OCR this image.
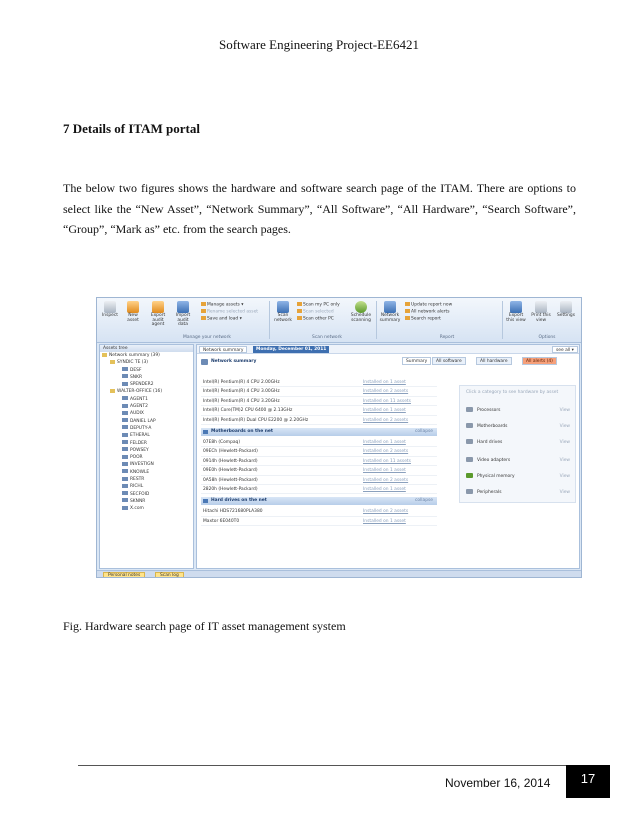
Software Engineering Project-EE6421
7 Details of ITAM portal

The below two figures shows the hardware and software search page of the ITAM. There are options to select like the “New Asset”, “Network Summary”, “All Software”, “All Hardware”, “Search Software”, “Group”, “Mark as” etc. from the search pages.

Inspect	New asset
Export audit agent
Import audit data
Manage assets ▾
Rename selected asset
Save and load ▾
Scan network
Scan my PC only
Scan selected
Scan other PC
Schedule scanning
Network summary
Update report now
All network alerts
Search report
Export this view
Print this view
Settings
Manage your network	Scan network	Report	Options
Assets tree
Network summary (39)
SYNDIC TE (3)
DESF
SNKR
SPENDER2
WALTER-OFFICE (16)
AGENT1
AGENT2
AUDIX
DANIEL LAP
DEPUTY-A
ETHERAL
FELDER
POWSEY
POOR
INVESTIGN
KNOWLE
RESTR
RICHL
SECFOID
SKNNR
X.com
Personal notes	Scan log
Network summary	Monday, December 01, 2011	see all ▾
Network summary	Summary	All software	All hardware	All alerts (4)
Intel(R) Pentium(R) 4 CPU 2.00GHz	Installed on 1 asset
Intel(R) Pentium(R) 4 CPU 3.00GHz	Installed on 2 assets
Intel(R) Pentium(R) 4 CPU 3.20GHz	Installed on 11 assets
Intel(R) Core(TM)2 CPU 6400 @ 2.13GHz	Installed on 1 asset
Intel(R) Pentium(R) Dual CPU E2200 @ 2.20GHz	Installed on 2 assets
Motherboards on the net	collapse
07E8h (Compaq)	Installed on 1 asset
09ECh (Hewlett-Packard)	Installed on 2 assets
0914h (Hewlett-Packard)	Installed on 11 assets
09E0h (Hewlett-Packard)	Installed on 1 asset
0A58h (Hewlett-Packard)	Installed on 2 assets
2820h (Hewlett-Packard)	Installed on 1 asset
Hard drives on the net	collapse
Hitachi HDS721680PLA380	Installed on 2 assets
Maxtor 6E040T0	Installed on 1 asset
Click a category to see hardware by asset
Processors	View
Motherboards	View
Hard drives	View
Video adapters	View
Physical memory	View
Peripherals	View
Fig. Hardware search page of IT asset management system
November 16, 2014	17
